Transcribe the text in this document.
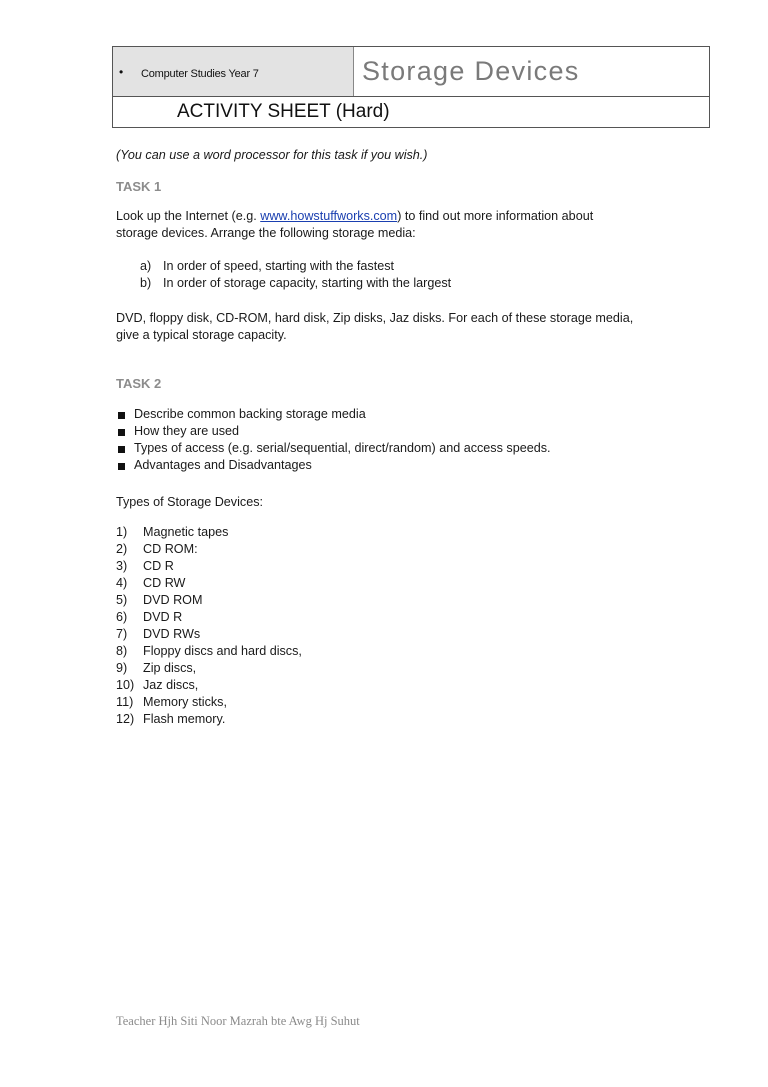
• Computer Studies Year 7	Storage Devices
ACTIVITY SHEET (Hard)
(You can use a word processor for this task if you wish.)
TASK 1
Look up the Internet (e.g. www.howstuffworks.com) to find out more information about
storage devices. Arrange the following storage media:
a) In order of speed, starting with the fastest
b) In order of storage capacity, starting with the largest
DVD, floppy disk, CD-ROM, hard disk, Zip disks, Jaz disks. For each of these storage media,
give a typical storage capacity.
TASK 2
Describe common backing storage media
How they are used
Types of access (e.g. serial/sequential, direct/random) and access speeds.
Advantages and Disadvantages
Types of Storage Devices:
1) Magnetic tapes
2) CD ROM:
3) CD R
4) CD RW
5) DVD ROM
6) DVD R
7) DVD RWs
8) Floppy discs and hard discs,
9) Zip discs,
10) Jaz discs,
11) Memory sticks,
12) Flash memory.
Teacher Hjh Siti Noor Mazrah bte Awg Hj Suhut
